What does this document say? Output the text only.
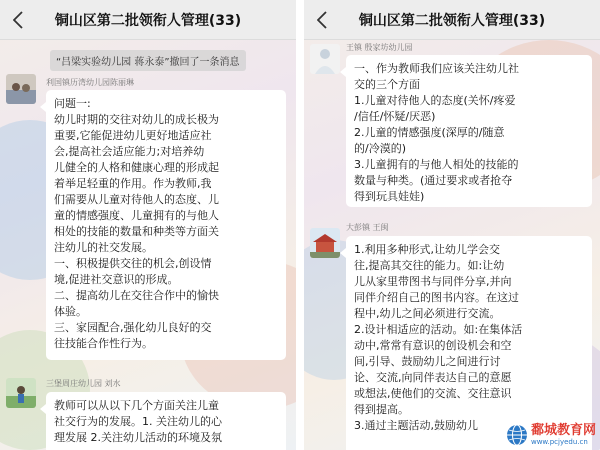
铜山区第二批领衔人管理(33)
“吕梁实验幼儿园 蒋永泰”撤回了一条消息
利国镇历湾幼儿园陈丽琳

问题一:

幼儿时期的交往对幼儿的成长极为

重要,它能促进幼儿更好地适应社

会,提高社会适应能力;对培养幼

儿健全的人格和健康心理的形成起

着举足轻重的作用。作为教师,我

们需要从儿童对待他人的态度、儿

童的情感强度、儿童拥有的与他人

相处的技能的数量和种类等方面关

注幼儿的社交发展。

一、积极提供交往的机会,创设情

境,促进社交意识的形成。

二、提高幼儿在交往合作中的愉快

体验。

三、家园配合,强化幼儿良好的交

往技能合作性行为。

三堡周庄幼儿园 刘水

教师可以从以下几个方面关注儿童

社交行为的发展。1. 关注幼儿的心

理发展 2.关注幼儿活动的环境及氛

铜山区第二批领衔人管理(33)
王镇 殷家坊幼儿园

一、作为教师我们应该关注幼儿社

交的三个方面

1.儿童对待他人的态度(关怀/疼爱

/信任/怀疑/厌恶)

2.儿童的情感强度(深厚的/随意

的/冷漠的)

3.儿童拥有的与他人相处的技能的

数量与种类。(通过要求或者抢夺

得到玩具娃娃)

大彭镇 王闽

1.利用多种形式,让幼儿学会交

往,提高其交往的能力。如:让幼

儿从家里带图书与同伴分享,并向

同伴介绍自己的图书内容。在这过

程中,幼儿之间必须进行交流。

2.设计相适应的活动。如:在集体活

动中,常常有意识的创设机会和空

间,引导、鼓励幼儿之间进行讨

论、交流,向同伴表达自己的意愿

或想法,使他们的交流、交往意识

得到提高。

3.通过主题活动,鼓励幼儿	鄱城教育网
www.pcjyedu.cn
